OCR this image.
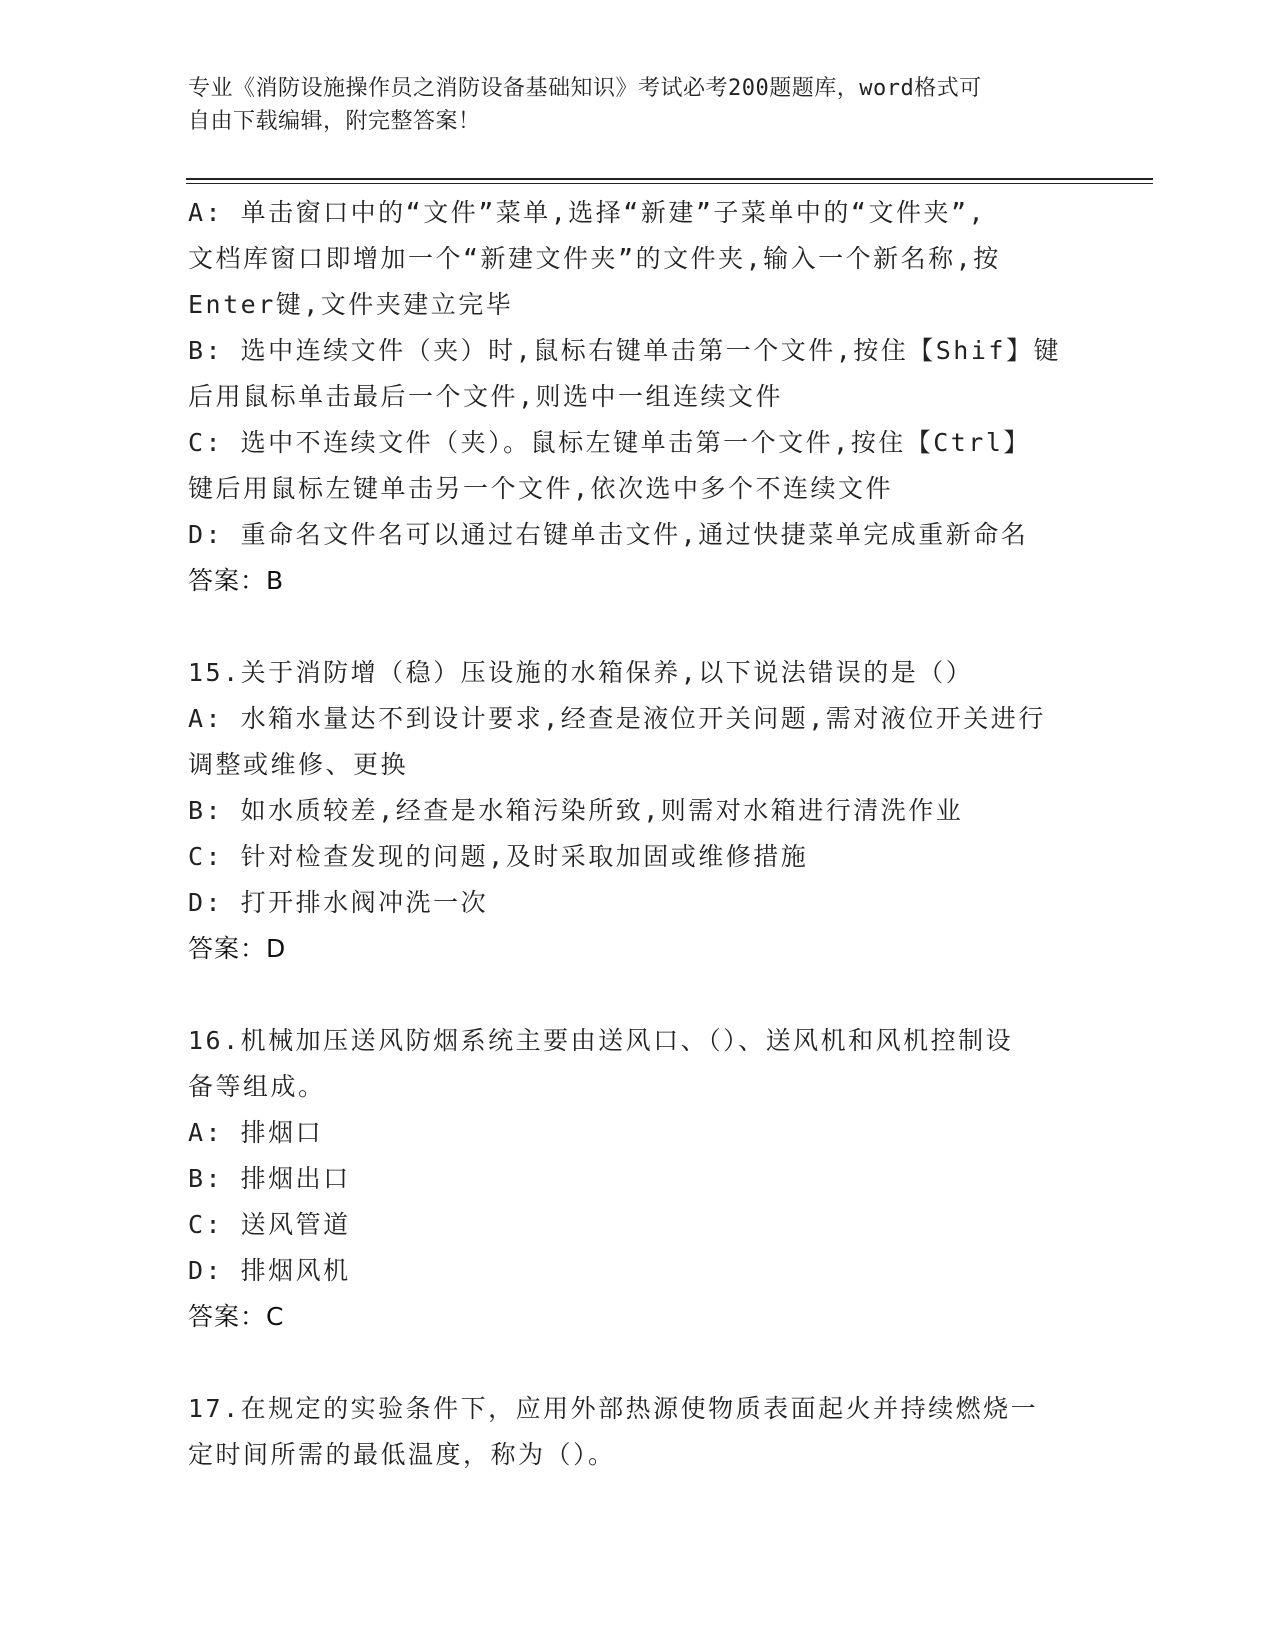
专业《消防设施操作员之消防设备基础知识》考试必考200题题库，word格式可
自由下载编辑，附完整答案！
A: 单击窗口中的“文件”菜单,选择“新建”子菜单中的“文件夹”,
文档库窗口即增加一个“新建文件夹”的文件夹,输入一个新名称,按
Enter键,文件夹建立完毕
B: 选中连续文件（夹）时,鼠标右键单击第一个文件,按住【Shif】键
后用鼠标单击最后一个文件,则选中一组连续文件
C: 选中不连续文件（夹）。鼠标左键单击第一个文件,按住【Ctrl】
键后用鼠标左键单击另一个文件,依次选中多个不连续文件
D: 重命名文件名可以通过右键单击文件,通过快捷菜单完成重新命名
答案：B
15.关于消防增（稳）压设施的水箱保养,以下说法错误的是（）
A: 水箱水量达不到设计要求,经查是液位开关问题,需对液位开关进行
调整或维修、更换
B: 如水质较差,经查是水箱污染所致,则需对水箱进行清洗作业
C: 针对检查发现的问题,及时采取加固或维修措施
D: 打开排水阀冲洗一次
答案：D
16.机械加压送风防烟系统主要由送风口、（）、送风机和风机控制设
备等组成。
A: 排烟口
B: 排烟出口
C: 送风管道
D: 排烟风机
答案：C
17.在规定的实验条件下，应用外部热源使物质表面起火并持续燃烧一
定时间所需的最低温度，称为（）。
